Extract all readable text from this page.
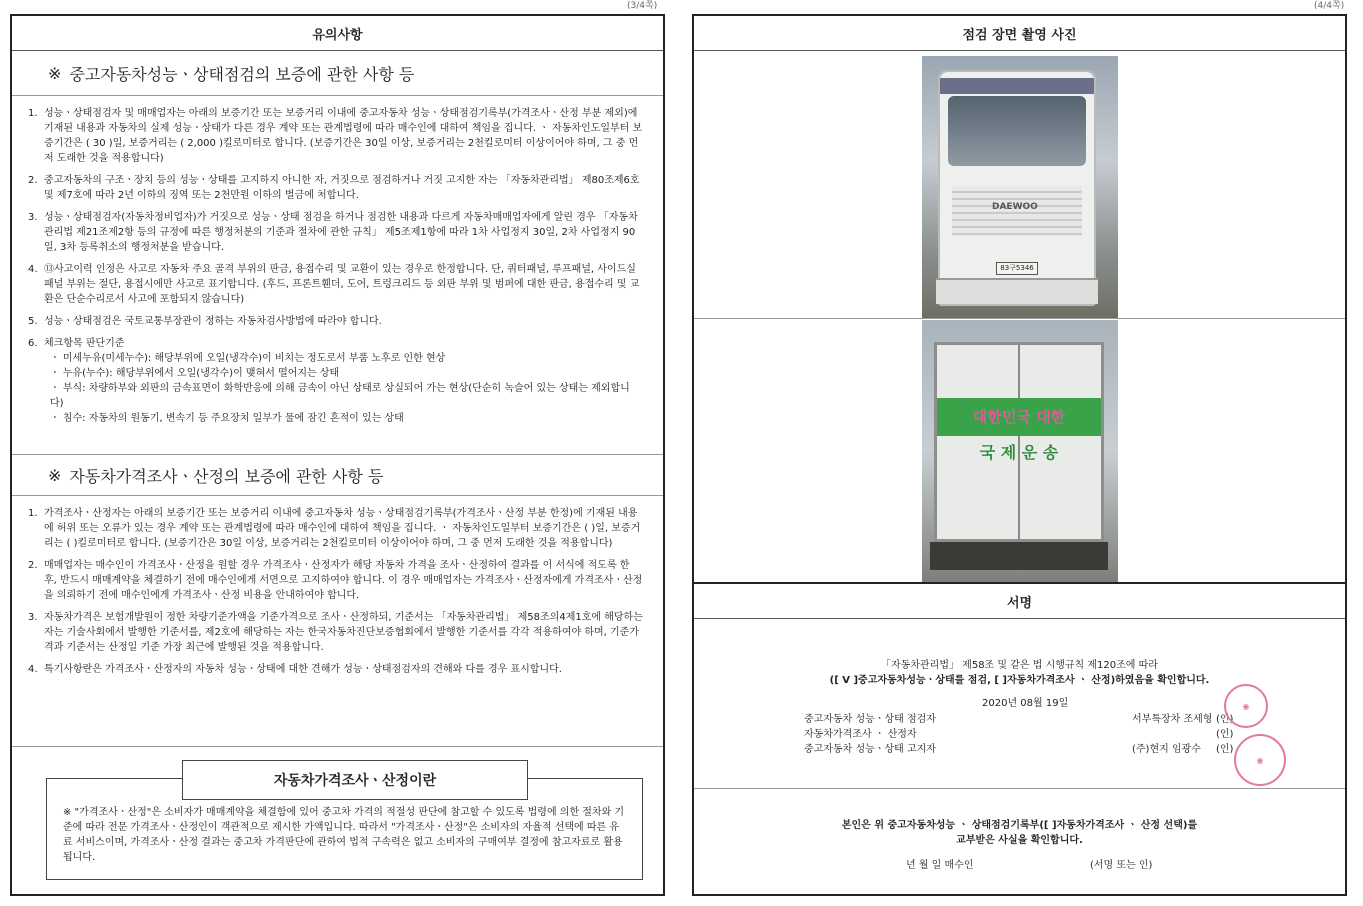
(3/4쪽)	(4/4쪽)
유의사항
※ 중고자동차성능ㆍ상태점검의 보증에 관한 사항 등
1. 성능ㆍ상태점검자 및 매매업자는 아래의 보증기간 또는 보증거리 이내에 중고자동차 성능ㆍ상태점검기록부(가격조사ㆍ산정 부분 제외)에 기재된 내용과 자동차의 실제 성능ㆍ상태가 다른 경우 계약 또는 관계법령에 따라 매수인에 대하여 책임을 집니다. ㆍ 자동차인도일부터 보증기간은 ( 30 )일, 보증거리는 ( 2,000 )킬로미터로 합니다. (보증기간은 30일 이상, 보증거리는 2천킬로미터 이상이어야 하며, 그 중 먼저 도래한 것을 적용합니다)
2. 중고자동차의 구조ㆍ장치 등의 성능ㆍ상태를 고지하지 아니한 자, 거짓으로 점검하거나 거짓 고지한 자는 「자동차관리법」 제80조제6호 및 제7호에 따라 2년 이하의 징역 또는 2천만원 이하의 벌금에 처합니다.
3. 성능ㆍ상태점검자(자동차정비업자)가 거짓으로 성능ㆍ상태 점검을 하거나 점검한 내용과 다르게 자동차매매업자에게 알린 경우 「자동차관리법 제21조제2항 등의 규정에 따른 행정처분의 기준과 절차에 관한 규칙」 제5조제1항에 따라 1차 사업정지 30일, 2차 사업정지 90일, 3차 등록취소의 행정처분을 받습니다.
4. ⑬사고이력 인정은 사고로 자동차 주요 골격 부위의 판금, 용접수리 및 교환이 있는 경우로 한정합니다. 단, 쿼터패널, 루프패널, 사이드실패널 부위는 절단, 용접시에만 사고로 표기합니다. (후드, 프론트휀더, 도어, 트렁크리드 등 외판 부위 및 범퍼에 대한 판금, 용접수리 및 교환은 단순수리로서 사고에 포함되지 않습니다)
5. 성능ㆍ상태점검은 국토교통부장관이 정하는 자동차검사방법에 따라야 합니다.
6. 체크항목 판단기준
ㆍ 미세누유(미세누수): 해당부위에 오일(냉각수)이 비치는 정도로서 부품 노후로 인한 현상
ㆍ 누유(누수): 해당부위에서 오일(냉각수)이 맺혀서 떨어지는 상태
ㆍ 부식: 차량하부와 외판의 금속표면이 화학반응에 의해 금속이 아닌 상태로 상실되어 가는 현상(단순히 녹슬어 있는 상태는 제외합니다)
ㆍ 침수: 자동차의 원동기, 변속기 등 주요장치 일부가 물에 잠긴 흔적이 있는 상태
※ 자동차가격조사ㆍ산정의 보증에 관한 사항 등
1. 가격조사ㆍ산정자는 아래의 보증기간 또는 보증거리 이내에 중고자동차 성능ㆍ상태점검기록부(가격조사ㆍ산정 부분 한정)에 기재된 내용에 허위 또는 오류가 있는 경우 계약 또는 관계법령에 따라 매수인에 대하여 책임을 집니다. ㆍ 자동차인도일부터 보증기간은 ( )일, 보증거리는 ( )킬로미터로 합니다. (보증기간은 30일 이상, 보증거리는 2천킬로미터 이상이어야 하며, 그 중 먼저 도래한 것을 적용합니다)
2. 매매업자는 매수인이 가격조사ㆍ산정을 원할 경우 가격조사ㆍ산정자가 해당 자동차 가격을 조사ㆍ산정하여 결과를 이 서식에 적도록 한 후, 반드시 매매계약을 체결하기 전에 매수인에게 서면으로 고지하여야 합니다. 이 경우 매매업자는 가격조사ㆍ산정자에게 가격조사ㆍ산정을 의뢰하기 전에 매수인에게 가격조사ㆍ산정 비용을 안내하여야 합니다.
3. 자동차가격은 보험개발원이 정한 차량기준가액을 기준가격으로 조사ㆍ산정하되, 기준서는 「자동차관리법」 제58조의4제1호에 해당하는 자는 기술사회에서 발행한 기준서를, 제2호에 해당하는 자는 한국자동차진단보증협회에서 발행한 기준서를 각각 적용하여야 하며, 기준가격과 기준서는 산정일 기준 가장 최근에 발행된 것을 적용합니다.
4. 특기사항란은 가격조사ㆍ산정자의 자동차 성능ㆍ상태에 대한 견해가 성능ㆍ상태점검자의 견해와 다를 경우 표시합니다.
※ "가격조사ㆍ산정"은 소비자가 매매계약을 체결함에 있어 중고차 가격의 적절성 판단에 참고할 수 있도록 법령에 의한 절차와 기준에 따라 전문 가격조사ㆍ산정인이 객관적으로 제시한 가액입니다. 따라서 "가격조사ㆍ산정"은 소비자의 자율적 선택에 따른 유료 서비스이며, 가격조사ㆍ산정 결과는 중고차 가격판단에 관하여 법적 구속력은 없고 소비자의 구매여부 결정에 참고자료로 활용됩니다.
자동차가격조사ㆍ산정이란
점검 장면 촬영 사진
DAEWOO
83구5346
대한민국 대한
국 제 운 송
서명
「자동차관리법」 제58조 및 같은 법 시행규칙 제120조에 따라
([ V ]중고자동차성능ㆍ상태를 점검, [ ]자동차가격조사 ㆍ 산정)하였음을 확인합니다.
2020년 08월 19일
중고자동차 성능ㆍ상태 점검자	서부특장차 조세형 (인)
자동차가격조사 ㆍ 산정자	(인)
중고자동차 성능ㆍ상태 고지자	(주)현지 임광수 (인)
◉
◉
본인은 위 중고자동차성능 ㆍ 상태점검기록부([ ]자동차가격조사 ㆍ 산정 선택)를
교부받은 사실을 확인합니다.
년 월 일 매수인	(서명 또는 인)
